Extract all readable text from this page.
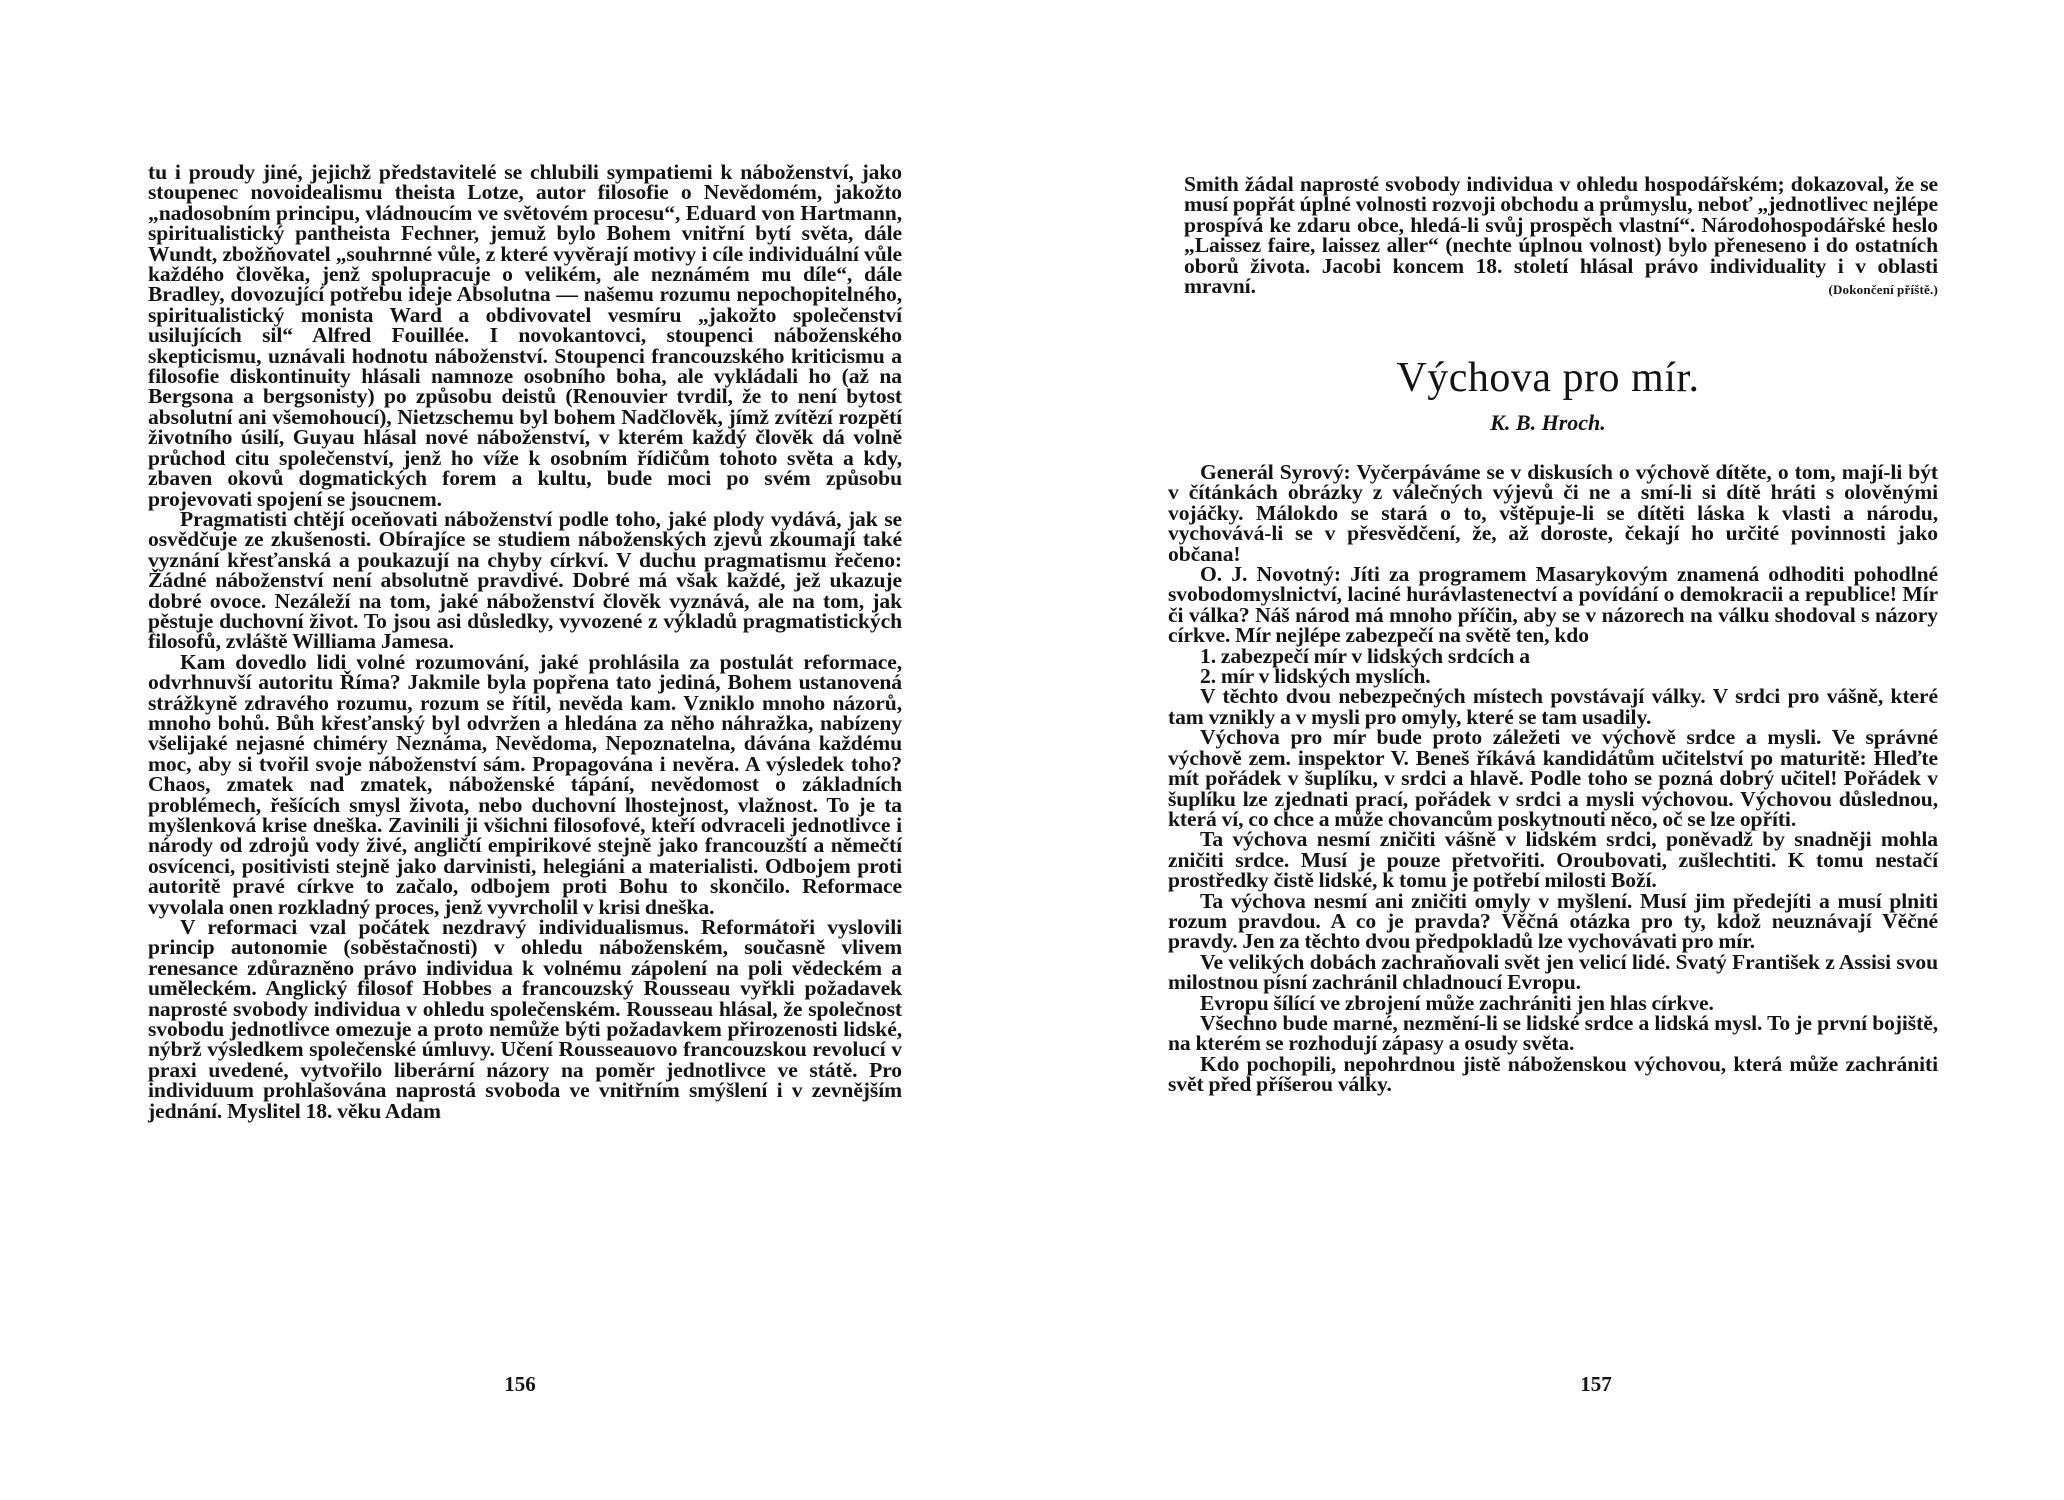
tu i proudy jiné, jejichž představitelé se chlubili sympatiemi k náboženství, jako stoupenec novoidealismu theista Lotze, autor filosofie o Nevědomém, jakožto „nadosobním principu, vládnoucím ve světovém procesu“, Eduard von Hartmann, spiritualistický pantheista Fechner, jemuž bylo Bohem vnitřní bytí světa, dále Wundt, zbožňovatel „souhrnné vůle, z které vyvěrají motivy i cíle individuální vůle každého člověka, jenž spolupracuje o velikém, ale neznámém mu díle“, dále Bradley, dovozující potřebu ideje Absolutna — našemu rozumu nepochopitelného, spiritualistický monista Ward a obdivovatel vesmíru „jakožto společenství usilujících sil“ Alfred Fouillée. I novokantovci, stoupenci náboženského skepticismu, uznávali hodnotu náboženství. Stoupenci francouzského kriticismu a filosofie diskontinuity hlásali namnoze osobního boha, ale vykládali ho (až na Bergsona a bergsonisty) po způsobu deistů (Renouvier tvrdil, že to není bytost absolutní ani všemohoucí), Nietzschemu byl bohem Nadčlověk, jímž zvítězí rozpětí životního úsilí, Guyau hlásal nové náboženství, v kterém každý člověk dá volně průchod citu společenství, jenž ho víže k osobním řídičům tohoto světa a kdy, zbaven okovů dogmatických forem a kultu, bude moci po svém způsobu projevovati spojení se jsoucnem.

Pragmatisti chtějí oceňovati náboženství podle toho, jaké plody vydává, jak se osvědčuje ze zkušenosti. Obírajíce se studiem náboženských zjevů zkoumají také vyznání křesťanská a poukazují na chyby církví. V duchu pragmatismu řečeno: Žádné náboženství není absolutně pravdivé. Dobré má však každé, jež ukazuje dobré ovoce. Nezáleží na tom, jaké náboženství člověk vyznává, ale na tom, jak pěstuje duchovní život. To jsou asi důsledky, vyvozené z výkladů pragmatistických filosofů, zvláště Williama Jamesa.

Kam dovedlo lidi volné rozumování, jaké prohlásila za postulát reformace, odvrhnuvší autoritu Říma? Jakmile byla popřena tato jediná, Bohem ustanovená strážkyně zdravého rozumu, rozum se řítil, nevěda kam. Vzniklo mnoho názorů, mnoho bohů. Bůh křesťanský byl odvržen a hledána za něho náhražka, nabízeny všelijaké nejasné chiméry Neznáma, Nevědoma, Nepoznatelna, dávána každému moc, aby si tvořil svoje náboženství sám. Propagována i nevěra. A výsledek toho? Chaos, zmatek nad zmatek, náboženské tápání, nevědomost o základních problémech, řešících smysl života, nebo duchovní lhostejnost, vlažnost. To je ta myšlenková krise dneška. Zavinili ji všichni filosofové, kteří odvraceli jednotlivce i národy od zdrojů vody živé, angličtí empirikové stejně jako francouzští a němečtí osvícenci, positivisti stejně jako darvinisti, helegiáni a materialisti. Odbojem proti autoritě pravé církve to začalo, odbojem proti Bohu to skončilo. Reformace vyvolala onen rozkladný proces, jenž vyvrcholil v krisi dneška.

V reformaci vzal počátek nezdravý individualismus. Reformátoři vyslovili princip autonomie (soběstačnosti) v ohledu náboženském, současně vlivem renesance zdůrazněno právo individua k volnému zápolení na poli vědeckém a uměleckém. Anglický filosof Hobbes a francouzský Rousseau vyřkli požadavek naprosté svobody individua v ohledu společenském. Rousseau hlásal, že společnost svobodu jednotlivce omezuje a proto nemůže býti požadavkem přirozenosti lidské, nýbrž výsledkem společenské úmluvy. Učení Rousseauovo francouzskou revolucí v praxi uvedené, vytvořilo liberární názory na poměr jednotlivce ve státě. Pro individuum prohlašována naprostá svoboda ve vnitřním smýšlení i v zevnějším jednání. Myslitel 18. věku Adam

156

Smith žádal naprosté svobody individua v ohledu hospodářském; dokazoval, že se musí popřát úplné volnosti rozvoji obchodu a průmyslu, neboť „jednotlivec nejlépe prospívá ke zdaru obce, hledá-li svůj prospěch vlastní“. Národohospodářské heslo „Laissez faire, laissez aller“ (nechte úplnou volnost) bylo přeneseno i do ostatních oborů života. Jacobi koncem 18. století hlásal právo individuality i v oblasti mravní.	(Dokončení příště.)

Výchova pro mír.
K. B. Hroch.

Generál Syrový: Vyčerpáváme se v diskusích o výchově dítěte, o tom, mají-li být v čítánkách obrázky z válečných výjevů či ne a smí-li si dítě hráti s olověnými vojáčky. Málokdo se stará o to, vštěpuje-li se dítěti láska k vlasti a národu, vychovává-li se v přesvědčení, že, až doroste, čekají ho určité povinnosti jako občana!

O. J. Novotný: Jíti za programem Masarykovým znamená odhoditi pohodlné svobodomyslnictví, laciné hurávlastenectví a povídání o demokracii a republice! Mír či válka? Náš národ má mnoho příčin, aby se v názorech na válku shodoval s názory církve. Mír nejlépe zabezpečí na světě ten, kdo

1. zabezpečí mír v lidských srdcích a

2. mír v lidských myslích.

V těchto dvou nebezpečných místech povstávají války. V srdci pro vášně, které tam vznikly a v mysli pro omyly, které se tam usadily.

Výchova pro mír bude proto záležeti ve výchově srdce a mysli. Ve správné výchově zem. inspektor V. Beneš říkává kandidátům učitelství po maturitě: Hleďte mít pořádek v šuplíku, v srdci a hlavě. Podle toho se pozná dobrý učitel! Pořádek v šuplíku lze zjednati prací, pořádek v srdci a mysli výchovou. Výchovou důslednou, která ví, co chce a může chovancům poskytnouti něco, oč se lze opříti.

Ta výchova nesmí zničiti vášně v lidském srdci, poněvadž by snadněji mohla zničiti srdce. Musí je pouze přetvořiti. Oroubovati, zušlechtiti. K tomu nestačí prostředky čistě lidské, k tomu je potřebí milosti Boží.

Ta výchova nesmí ani zničiti omyly v myšlení. Musí jim předejíti a musí plniti rozum pravdou. A co je pravda? Věčná otázka pro ty, kdož neuznávají Věčné pravdy. Jen za těchto dvou předpokladů lze vychovávati pro mír.

Ve velikých dobách zachraňovali svět jen velicí lidé. Svatý František z Assisi svou milostnou písní zachránil chladnoucí Evropu.

Evropu šílící ve zbrojení může zachrániti jen hlas církve.

Všechno bude marné, nezmění-li se lidské srdce a lidská mysl. To je první bojiště, na kterém se rozhodují zápasy a osudy světa.

Kdo pochopili, nepohrdnou jistě náboženskou výchovou, která může zachrániti svět před příšerou války.

157
